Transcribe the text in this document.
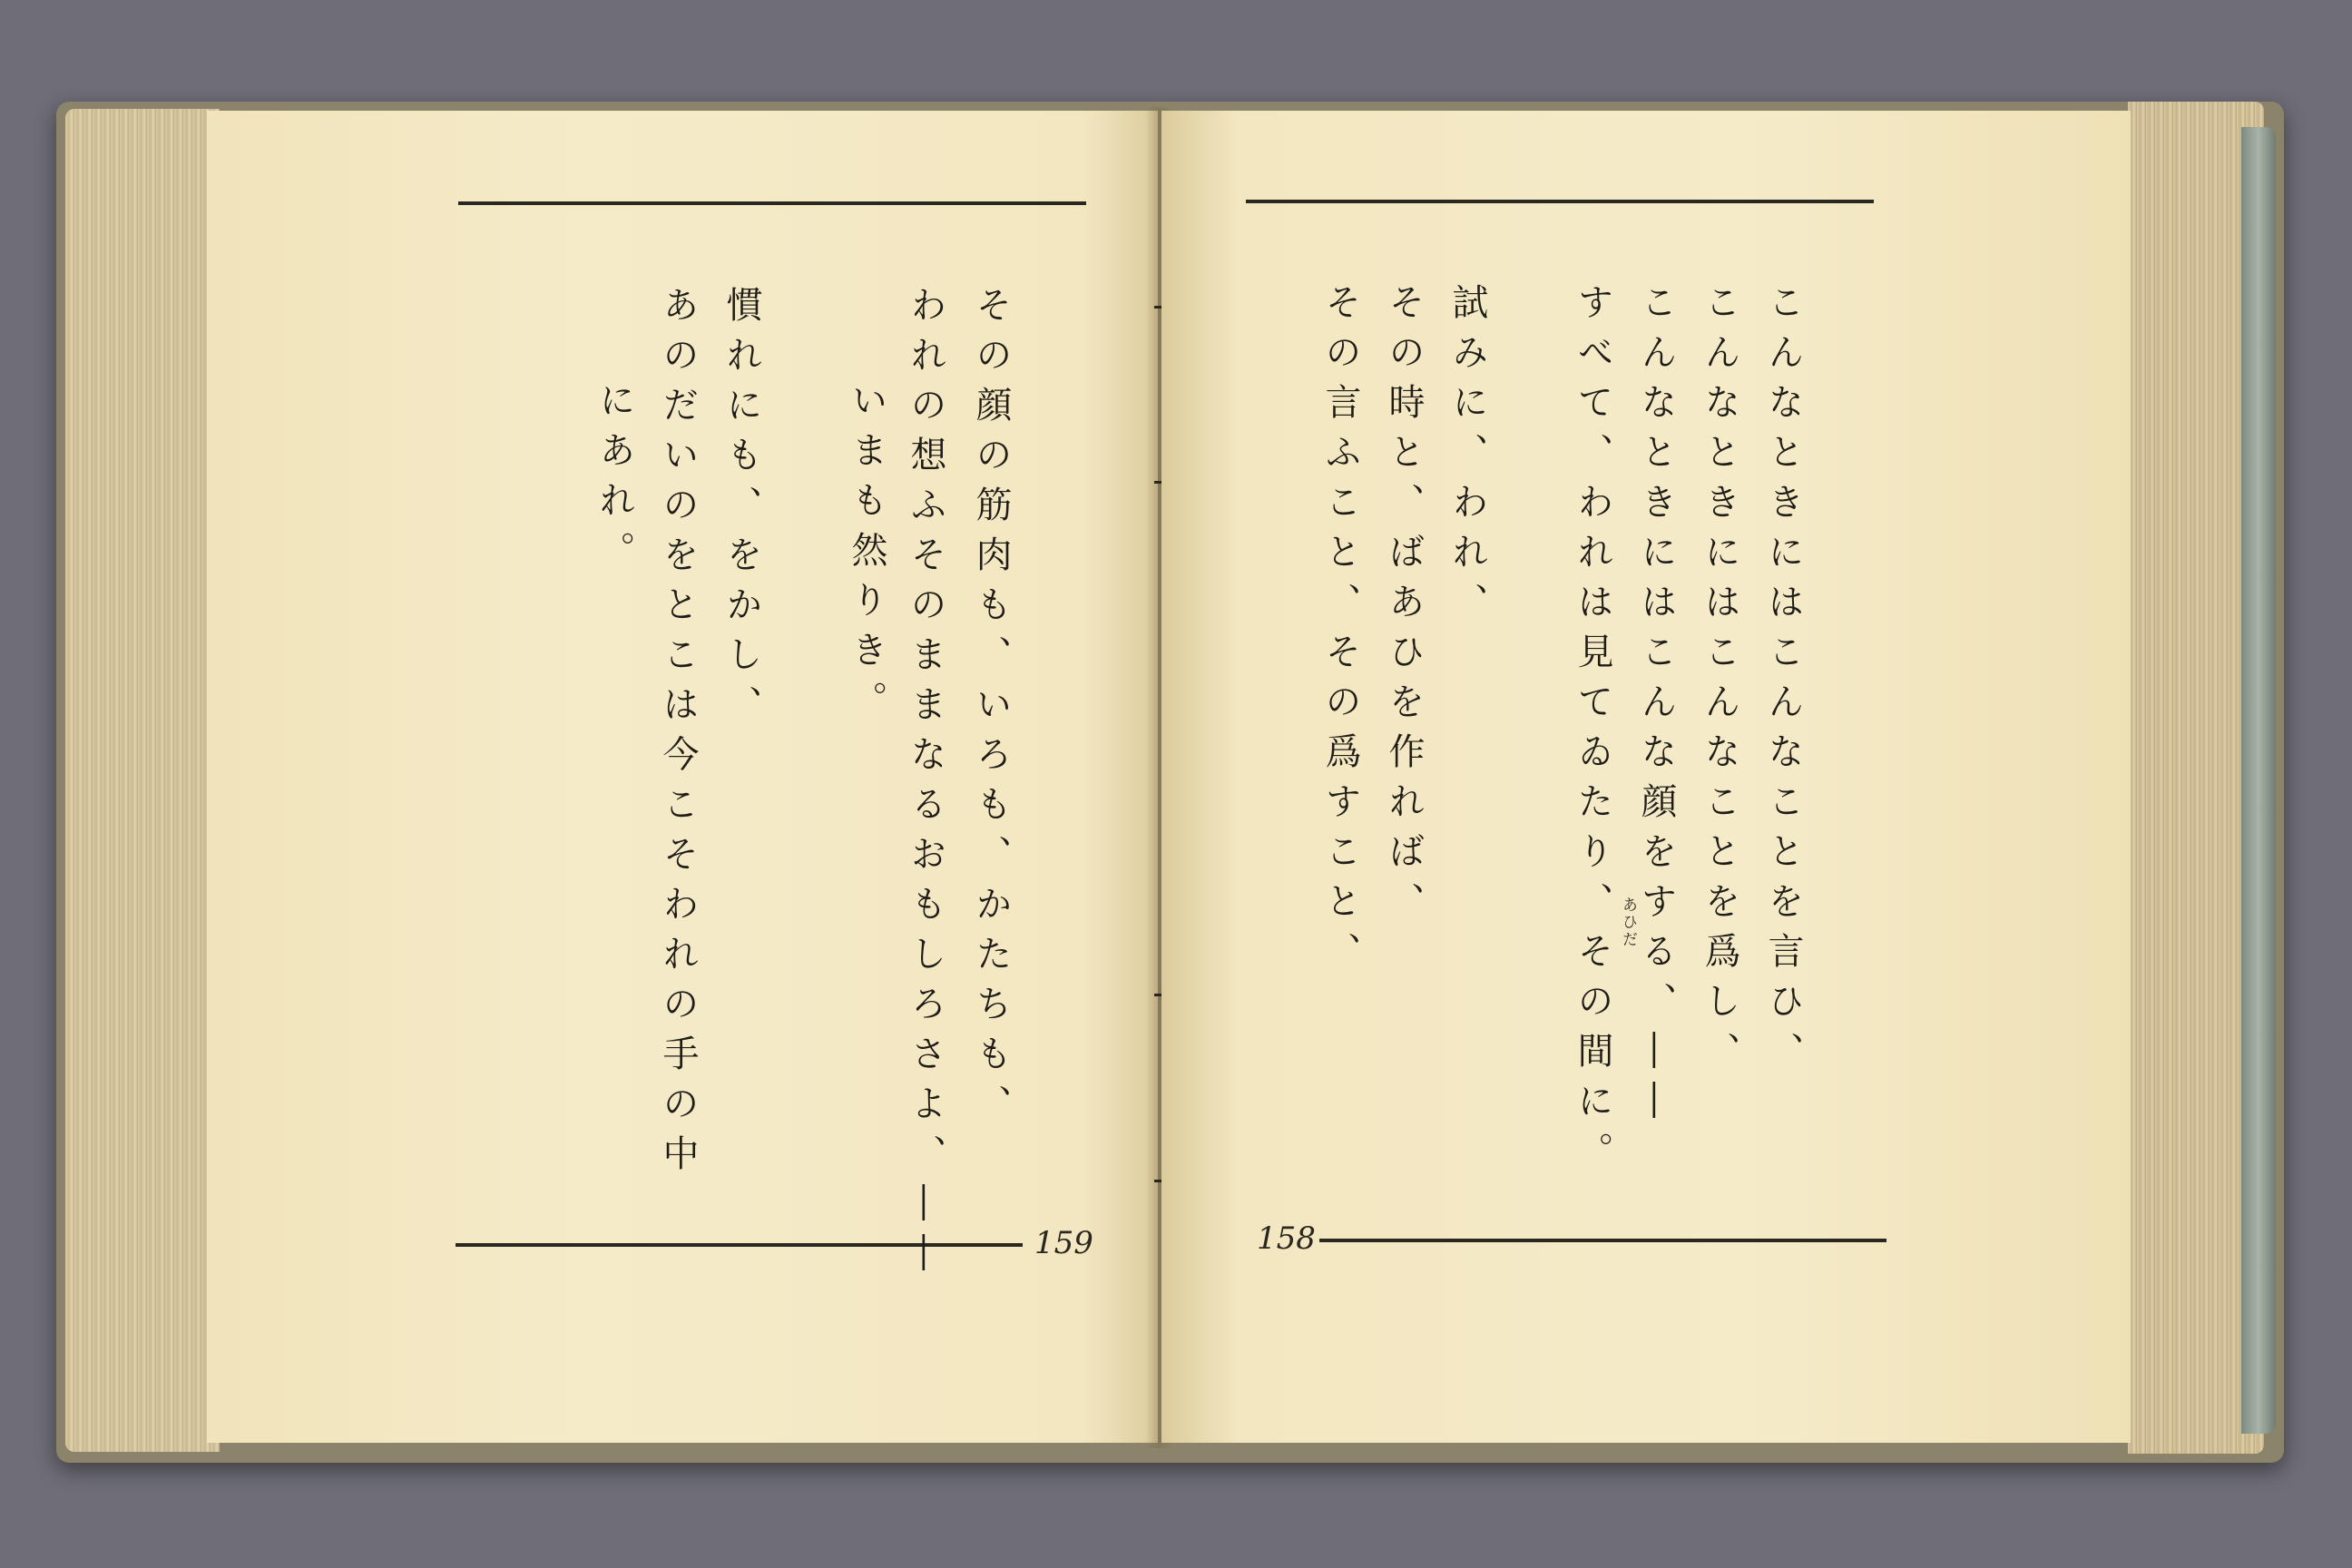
159
その顔の筋肉も、いろも、かたちも、
われの想ふそのままなるおもしろさよ、――
いまも然りき。
慣れにも、をかし、
あのだいのをとこは今こそわれの手の中
にあれ。
158
こんなときにはこんなことを言ひ、
こんなときにはこんなことを爲し、
こんなときにはこんな顔をする、――
すべて、われは見てゐたり、その間に。 あひだ
試みに、われ、
その時と、ばあひを作れば、
その言ふこと、その爲すこと、
